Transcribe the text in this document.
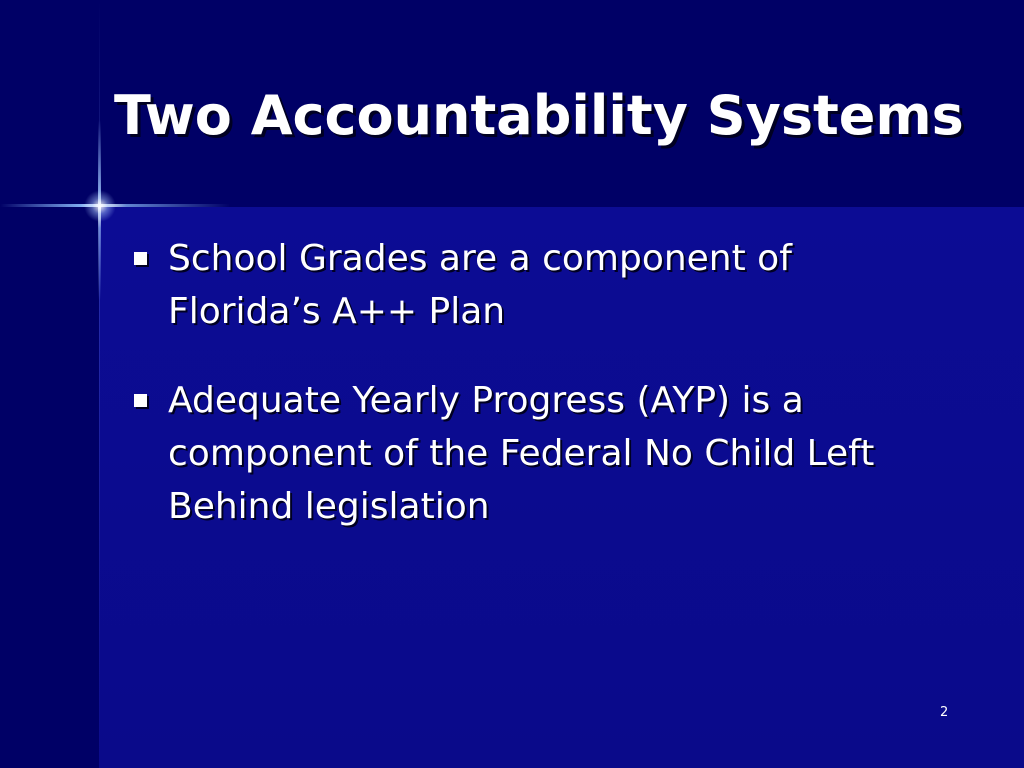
Two Accountability Systems
School Grades are a component of Florida’s A++ Plan
Adequate Yearly Progress (AYP) is a component of the Federal No Child Left Behind legislation
2
